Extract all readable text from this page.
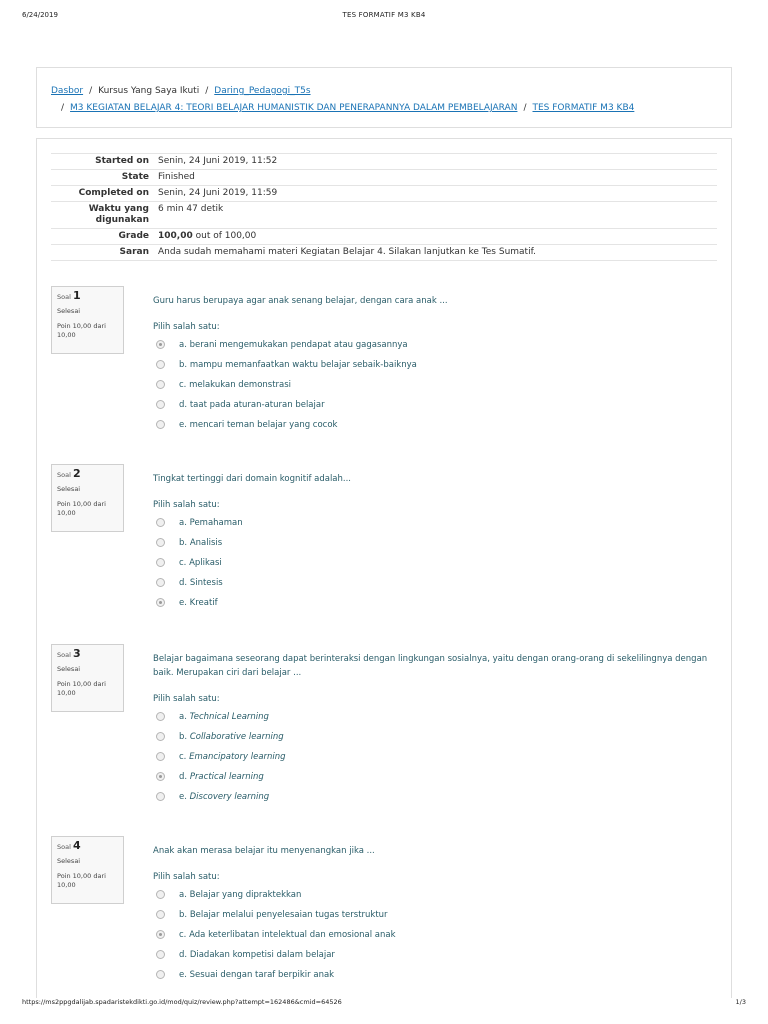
6/24/2019	TES FORMATIF M3 KB4
Dasbor / Kursus Yang Saya Ikuti / Daring_Pedagogi_T5s
/ M3 KEGIATAN BELAJAR 4: TEORI BELAJAR HUMANISTIK DAN PENERAPANNYA DALAM PEMBELAJARAN / TES FORMATIF M3 KB4
Started on	Senin, 24 Juni 2019, 11:52
State	Finished
Completed on	Senin, 24 Juni 2019, 11:59
Waktu yang
digunakan	6 min 47 detik
Grade	100,00 out of 100,00
Saran	Anda sudah memahami materi Kegiatan Belajar 4. Silakan lanjutkan ke Tes Sumatif.
Soal 1
Selesai
Poin 10,00 dari 10,00
Guru harus berupaya agar anak senang belajar, dengan cara anak ...
Pilih salah satu:
a. berani mengemukakan pendapat atau gagasannya
b. mampu memanfaatkan waktu belajar sebaik-baiknya
c. melakukan demonstrasi
d. taat pada aturan-aturan belajar
e. mencari teman belajar yang cocok
Soal 2
Selesai
Poin 10,00 dari 10,00
Tingkat tertinggi dari domain kognitif adalah...
Pilih salah satu:
a. Pemahaman
b. Analisis
c. Aplikasi
d. Sintesis
e. Kreatif
Soal 3
Selesai
Poin 10,00 dari 10,00
Belajar bagaimana seseorang dapat berinteraksi dengan lingkungan sosialnya, yaitu dengan orang-orang di sekelilingnya dengan baik. Merupakan ciri dari belajar ...
Pilih salah satu:
a. Technical Learning
b. Collaborative learning
c. Emancipatory learning
d. Practical learning
e. Discovery learning
Soal 4
Selesai
Poin 10,00 dari 10,00
Anak akan merasa belajar itu menyenangkan jika ...
Pilih salah satu:
a. Belajar yang dipraktekkan
b. Belajar melalui penyelesaian tugas terstruktur
c. Ada keterlibatan intelektual dan emosional anak
d. Diadakan kompetisi dalam belajar
e. Sesuai dengan taraf berpikir anak
https://ms2ppgdalijab.spadaristekdikti.go.id/mod/quiz/review.php?attempt=162486&cmid=64526	1/3
